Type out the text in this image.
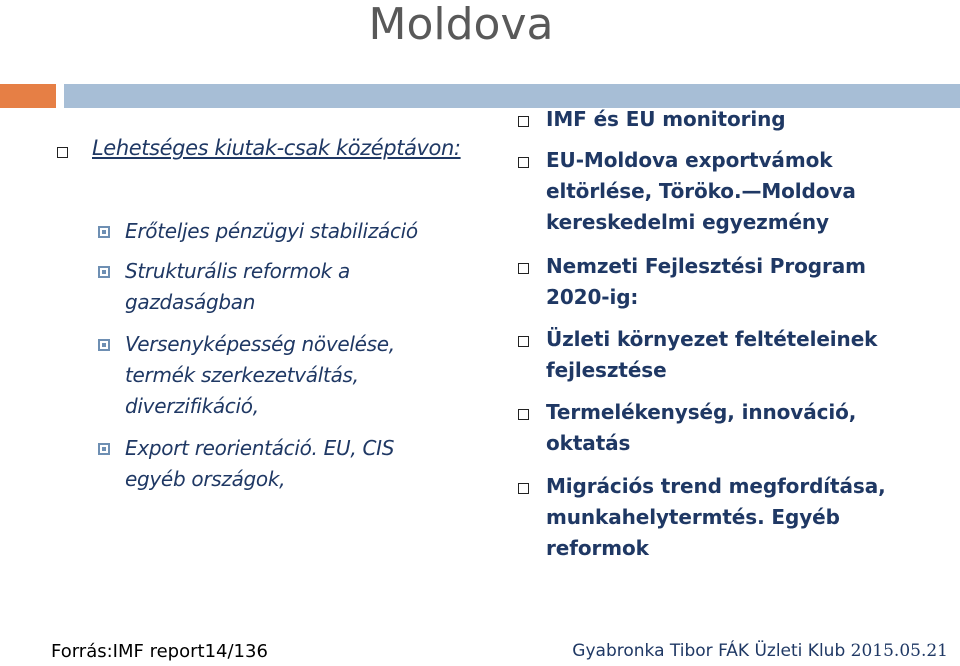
Moldova
Lehetséges kiutak-csak középtávon:
Erőteljes pénzügyi stabilizáció
Strukturális reformok a gazdaságban
Versenyképesség növelése, termék szerkezetváltás, diverzifikáció,
Export reorientáció. EU, CIS egyéb országok,
IMF és EU monitoring
EU-Moldova exportvámok eltörlése, Töröko.—Moldova kereskedelmi egyezmény
Nemzeti Fejlesztési Program 2020-ig:
Üzleti környezet feltételeinek fejlesztése
Termelékenység, innováció, oktatás
Migrációs trend megfordítása, munkahelytermtés. Egyéb reformok
Forrás:IMF report14/136	Gyabronka Tibor FÁK Üzleti Klub 2015.05.21
